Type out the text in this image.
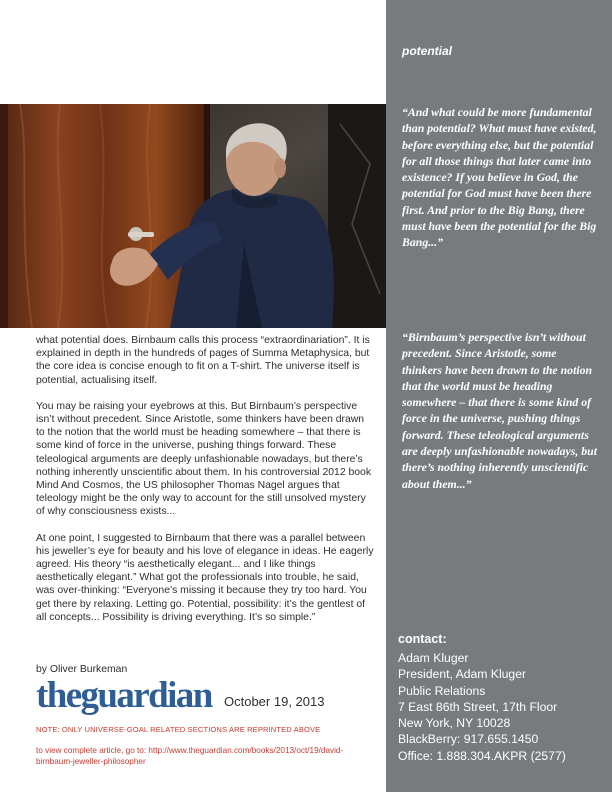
potential
“And what could be more fundamental than potential? What must have existed, before everything else, but the potential for all those things that later came into existence? If you believe in God, the potential for God must have been there first. And prior to the Big Bang, there must have been the potential for the Big Bang...”
“Birnbaum’s perspective isn’t without precedent. Since Aristotle, some thinkers have been drawn to the notion that the world must be heading somewhere – that there is some kind of force in the universe, pushing things forward. These teleological arguments are deeply unfashionable nowadays, but there’s nothing inherently unscientific about them...”
contact:
Adam Kluger
President, Adam Kluger
Public Relations
7 East 86th Street, 17th Floor
New York, NY 10028
BlackBerry: 917.655.1450
Office: 1.888.304.AKPR (2577)

what potential does. Birnbaum calls this process “extraordinariation”. It is explained in depth in the hundreds of pages of Summa Metaphysica, but the core idea is concise enough to fit on a T-shirt. The universe itself is potential, actualising itself.

You may be raising your eyebrows at this. But Birnbaum’s perspective isn’t without precedent. Since Aristotle, some thinkers have been drawn to the notion that the world must be heading somewhere – that there is some kind of force in the universe, pushing things forward. These teleological arguments are deeply unfashionable nowadays, but there’s nothing inherently unscientific about them. In his controversial 2012 book Mind And Cosmos, the US philosopher Thomas Nagel argues that teleology might be the only way to account for the still unsolved mystery of why consciousness exists...

At one point, I suggested to Birnbaum that there was a parallel between his jeweller’s eye for beauty and his love of elegance in ideas. He eagerly agreed. His theory “is aesthetically elegant... and I like things aesthetically elegant.” What got the professionals into trouble, he said, was over-thinking: “Everyone’s missing it because they try too hard. You get there by relaxing. Letting go. Potential, possibility: it’s the gentlest of all concepts... Possibility is driving everything. It’s so simple.”

by Oliver Burkeman
theguardian October 19, 2013
NOTE: ONLY UNIVERSE-GOAL RELATED SECTIONS ARE REPRINTED ABOVE
to view complete article, go to: http://www.theguardian.com/books/2013/oct/19/david-birnbaum-jeweller-philosopher
